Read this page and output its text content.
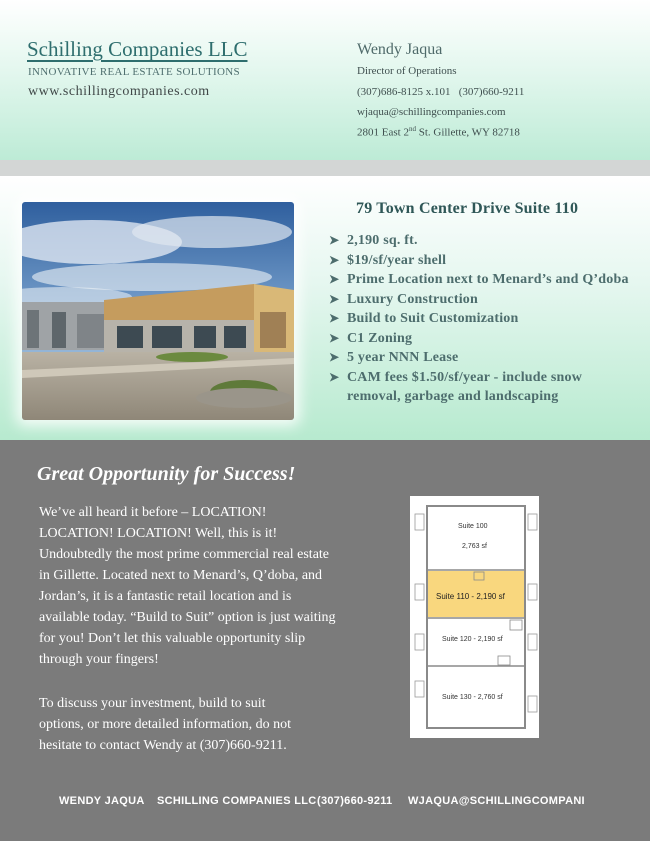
Schilling Companies LLC
INNOVATIVE REAL ESTATE SOLUTIONS
www.schillingcompanies.com
Wendy Jaqua
Director of Operations
(307)686-8125 x.101 (307)660-9211
wjaqua@schillingcompanies.com
2801 East 2nd St. Gillette, WY 82718
79 Town Center Drive Suite 110
➤ 2,190 sq. ft.
➤ $19/sf/year shell
➤ Prime Location next to Menard’s and Q’doba
➤ Luxury Construction
➤ Build to Suit Customization
➤ C1 Zoning
➤ 5 year NNN Lease
➤ CAM fees $1.50/sf/year - include snow removal, garbage and landscaping
Great Opportunity for Success!

We’ve all heard it before – LOCATION! LOCATION! LOCATION! Well, this is it! Undoubtedly the most prime commercial real estate in Gillette. Located next to Menard’s, Q’doba, and Jordan’s, it is a fantastic retail location and is available today. “Build to Suit” option is just waiting for you! Don’t let this valuable opportunity slip through your fingers!

To discuss your investment, build to suit options, or more detailed information, do not hesitate to contact Wendy at (307)660-9211.

Suite 100
2,763 sf
Suite 110 - 2,190 sf
Suite 120 - 2,190 sf
Suite 130 - 2,760 sf
WENDY JAQUA SCHILLING COMPANIES LLC (307)660-9211 WJAQUA@SCHILLINGCOMPANI
